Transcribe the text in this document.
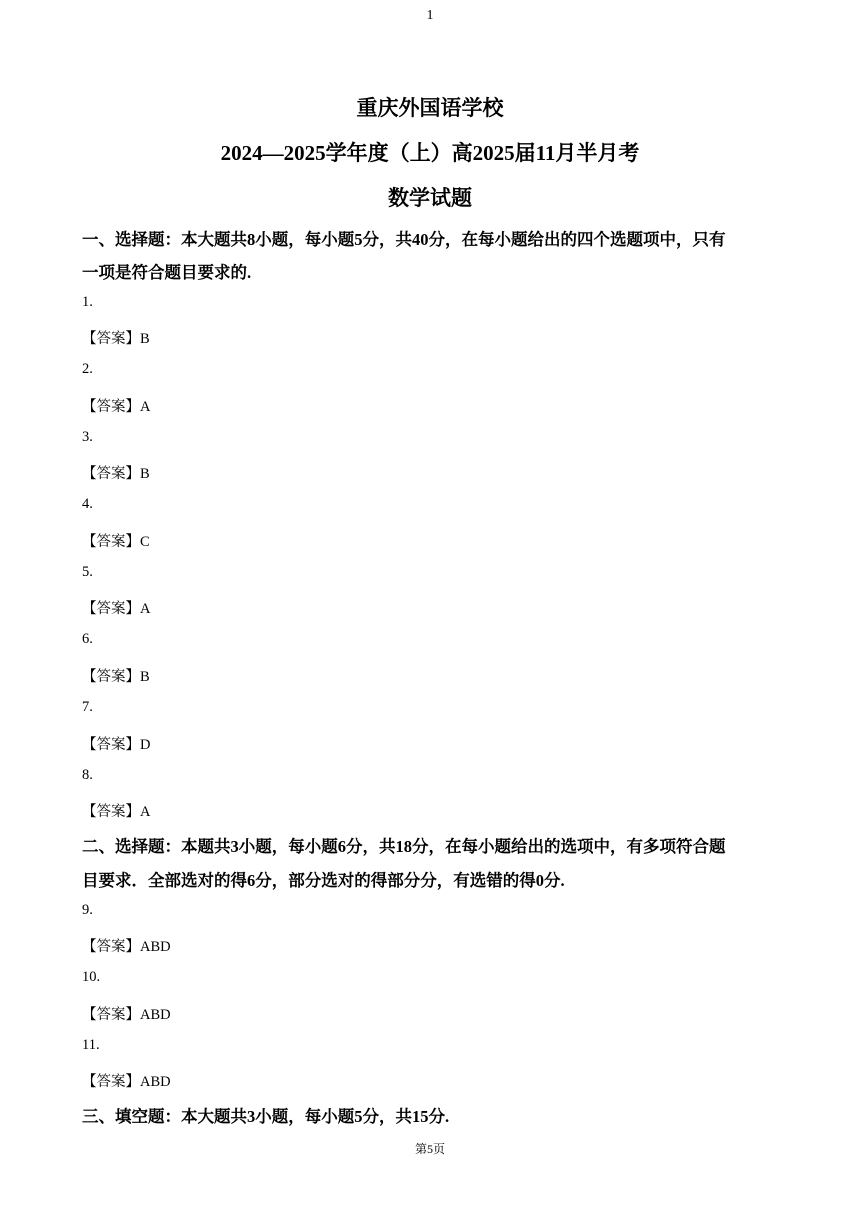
1
重庆外国语学校
2024—2025学年度（上）高2025届11月半月考
数学试题
一、选择题：本大题共8小题，每小题5分，共40分，在每小题给出的四个选题项中，只有
一项是符合题目要求的.
1.
【答案】B
2.
【答案】A
3.
【答案】B
4.
【答案】C
5.
【答案】A
6.
【答案】B
7.
【答案】D
8.
【答案】A
二、选择题：本题共3小题，每小题6分，共18分，在每小题给出的选项中，有多项符合题
目要求．全部选对的得6分，部分选对的得部分分，有选错的得0分.
9.
【答案】ABD
10.
【答案】ABD
11.
【答案】ABD
三、填空题：本大题共3小题，每小题5分，共15分.
第5页
